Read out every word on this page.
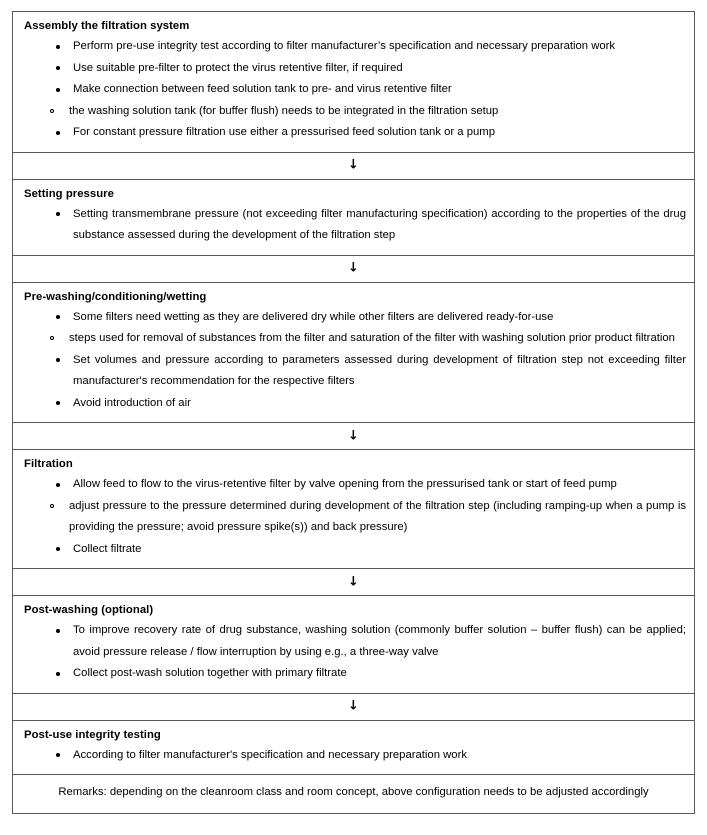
Assembly the filtration system
Perform pre-use integrity test according to filter manufacturer’s specification and necessary preparation work
Use suitable pre-filter to protect the virus retentive filter, if required
Make connection between feed solution tank to pre- and virus retentive filter
the washing solution tank (for buffer flush) needs to be integrated in the filtration setup
For constant pressure filtration use either a pressurised feed solution tank or a pump
↓
Setting pressure
Setting transmembrane pressure (not exceeding filter manufacturing specification) according to the properties of the drug substance assessed during the development of the filtration step
↓
Pre-washing/conditioning/wetting
Some filters need wetting as they are delivered dry while other filters are delivered ready-for-use
steps used for removal of substances from the filter and saturation of the filter with washing solution prior product filtration
Set volumes and pressure according to parameters assessed during development of filtration step not exceeding filter manufacturer's recommendation for the respective filters
Avoid introduction of air
↓
Filtration
Allow feed to flow to the virus-retentive filter by valve opening from the pressurised tank or start of feed pump
adjust pressure to the pressure determined during development of the filtration step (including ramping-up when a pump is providing the pressure; avoid pressure spike(s)) and back pressure)
Collect filtrate
↓
Post-washing (optional)
To improve recovery rate of drug substance, washing solution (commonly buffer solution – buffer flush) can be applied; avoid pressure release / flow interruption by using e.g., a three-way valve
Collect post-wash solution together with primary filtrate
↓
Post-use integrity testing
According to filter manufacturer's specification and necessary preparation work
Remarks: depending on the cleanroom class and room concept, above configuration needs to be adjusted accordingly
